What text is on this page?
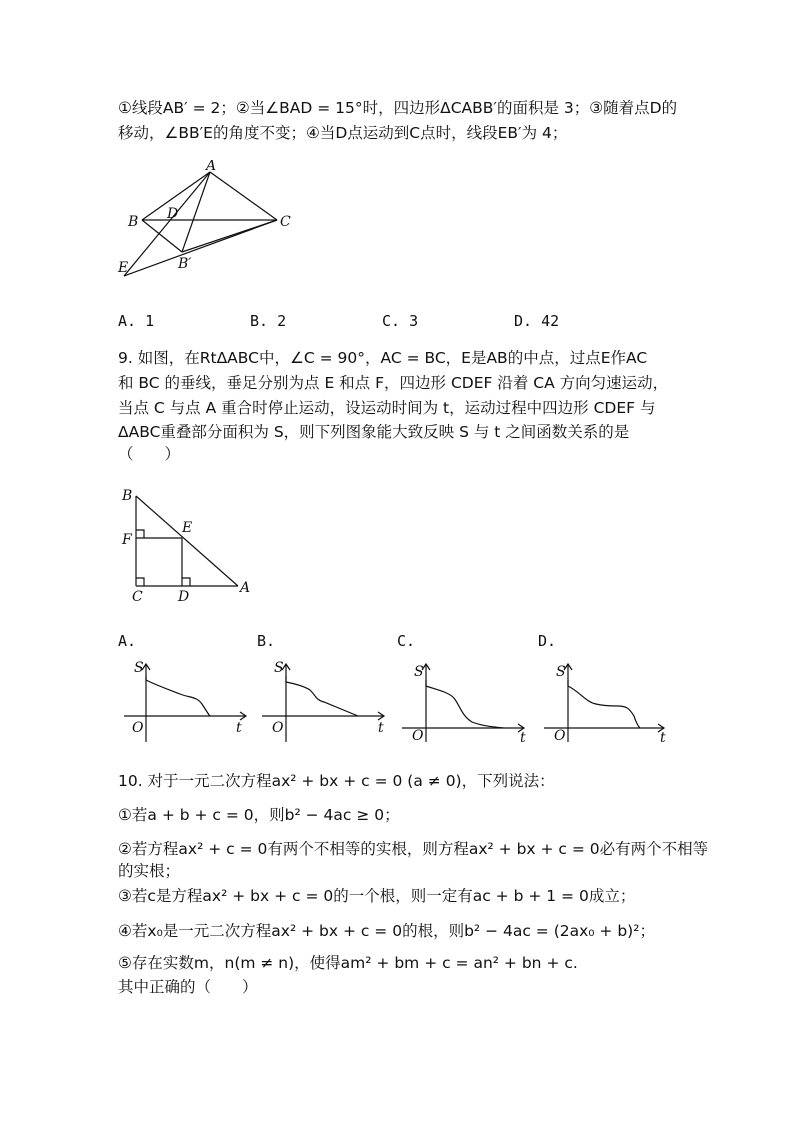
①线段AB′ = 2；②当∠BAD = 15°时，四边形ΔCABB′的面积是 3；③随着点D的
移动，∠BB′E的角度不变；④当D点运动到C点时，线段EB′为 4；
A
B	C
D
B′
E
A. 1	B. 2	C. 3	D. 42
9. 如图，在RtΔABC中，∠C = 90°，AC = BC，E是AB的中点，过点E作AC
和 BC 的垂线，垂足分别为点 E 和点 F，四边形 CDEF 沿着 CA 方向匀速运动，
当点 C 与点 A 重合时停止运动，设运动时间为 t，运动过程中四边形 CDEF 与
ΔABC重叠部分面积为 S，则下列图象能大致反映 S 与 t 之间函数关系的是
（　　）
B
E
F
C	D
A
A.	B.	C.	D.
S
t
O
S
t
O
S
t
O
S
t
O
10. 对于一元二次方程ax² + bx + c = 0 (a ≠ 0)，下列说法：
①若a + b + c = 0，则b² − 4ac ≥ 0；
②若方程ax² + c = 0有两个不相等的实根，则方程ax² + bx + c = 0必有两个不相等
的实根；
③若c是方程ax² + bx + c = 0的一个根，则一定有ac + b + 1 = 0成立；
④若x₀是一元二次方程ax² + bx + c = 0的根，则b² − 4ac = (2ax₀ + b)²；
⑤存在实数m，n(m ≠ n)，使得am² + bm + c = an² + bn + c.
其中正确的（　　）
